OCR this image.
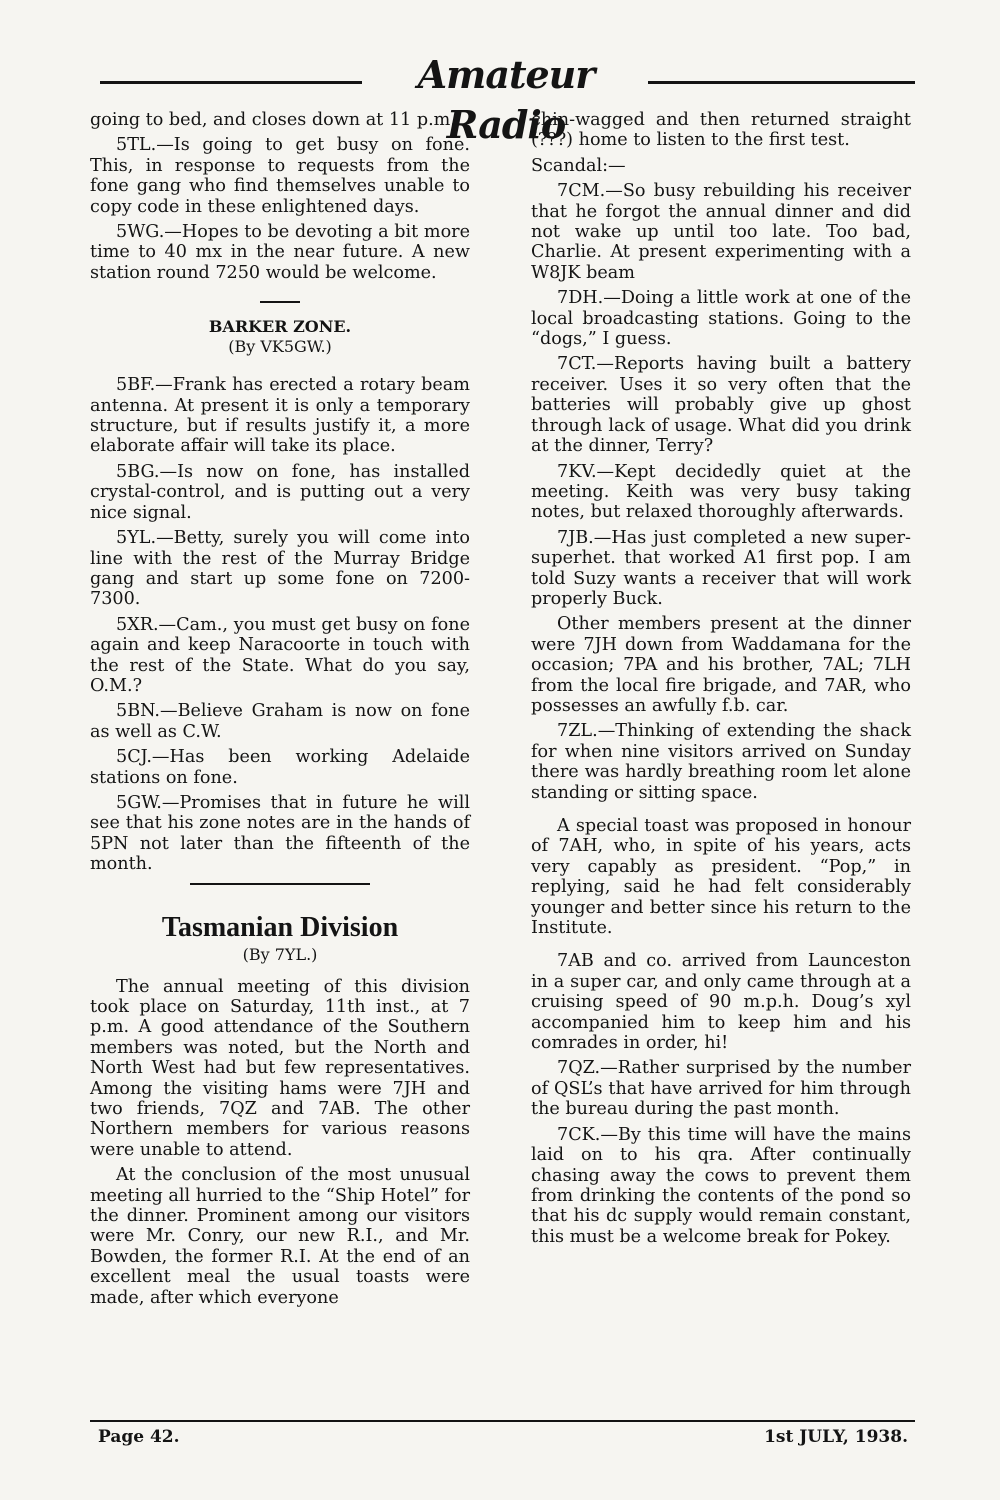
Amateur Radio

going to bed, and closes down at 11 p.m.

5TL.—Is going to get busy on fone. This, in response to requests from the fone gang who find themselves unable to copy code in these enlightened days.

5WG.—Hopes to be devoting a bit more time to 40 mx in the near future. A new station round 7250 would be welcome.

BARKER ZONE.
(By VK5GW.)

5BF.—Frank has erected a rotary beam antenna. At present it is only a temporary structure, but if results justify it, a more elaborate affair will take its place.

5BG.—Is now on fone, has installed crystal-control, and is putting out a very nice signal.

5YL.—Betty, surely you will come into line with the rest of the Murray Bridge gang and start up some fone on 7200-7300.

5XR.—Cam., you must get busy on fone again and keep Naracoorte in touch with the rest of the State. What do you say, O.M.?

5BN.—Believe Graham is now on fone as well as C.W.

5CJ.—Has been working Adelaide stations on fone.

5GW.—Promises that in future he will see that his zone notes are in the hands of 5PN not later than the fifteenth of the month.

Tasmanian Division
(By 7YL.)

The annual meeting of this division took place on Saturday, 11th inst., at 7 p.m. A good attendance of the Southern members was noted, but the North and North West had but few representatives. Among the visiting hams were 7JH and two friends, 7QZ and 7AB. The other Northern members for various reasons were unable to attend.

At the conclusion of the most unusual meeting all hurried to the “Ship Hotel” for the dinner. Prominent among our visitors were Mr. Conry, our new R.I., and Mr. Bowden, the former R.I. At the end of an excellent meal the usual toasts were made, after which everyone

chin-wagged and then returned straight (???) home to listen to the first test.

Scandal:—

7CM.—So busy rebuilding his receiver that he forgot the annual dinner and did not wake up until too late. Too bad, Charlie. At present experimenting with a W8JK beam

7DH.—Doing a little work at one of the local broadcasting stations. Going to the “dogs,” I guess.

7CT.—Reports having built a battery receiver. Uses it so very often that the batteries will probably give up ghost through lack of usage. What did you drink at the dinner, Terry?

7KV.—Kept decidedly quiet at the meeting. Keith was very busy taking notes, but relaxed thoroughly afterwards.

7JB.—Has just completed a new super-superhet. that worked A1 first pop. I am told Suzy wants a receiver that will work properly Buck.

Other members present at the dinner were 7JH down from Waddamana for the occasion; 7PA and his brother, 7AL; 7LH from the local fire brigade, and 7AR, who possesses an awfully f.b. car.

7ZL.—Thinking of extending the shack for when nine visitors arrived on Sunday there was hardly breathing room let alone standing or sitting space.

A special toast was proposed in honour of 7AH, who, in spite of his years, acts very capably as president. “Pop,” in replying, said he had felt considerably younger and better since his return to the Institute.

7AB and co. arrived from Launceston in a super car, and only came through at a cruising speed of 90 m.p.h. Doug’s xyl accompanied him to keep him and his comrades in order, hi!

7QZ.—Rather surprised by the number of QSL’s that have arrived for him through the bureau during the past month.

7CK.—By this time will have the mains laid on to his qra. After continually chasing away the cows to prevent them from drinking the contents of the pond so that his dc supply would remain constant, this must be a welcome break for Pokey.

Page 42.	1st JULY, 1938.
